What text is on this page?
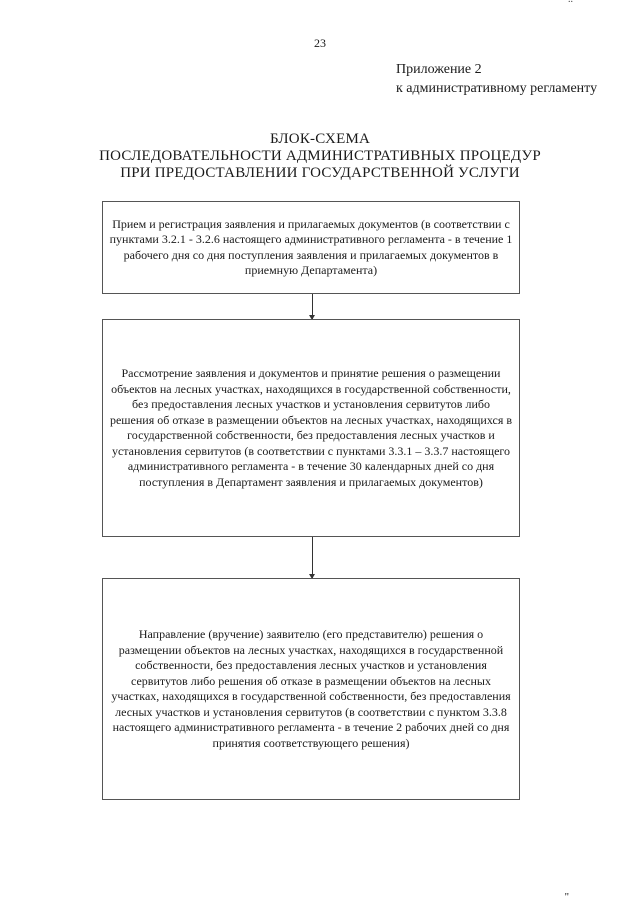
23
Приложение 2
к административному регламенту
БЛОК-СХЕМА
ПОСЛЕДОВАТЕЛЬНОСТИ АДМИНИСТРАТИВНЫХ ПРОЦЕДУР
ПРИ ПРЕДОСТАВЛЕНИИ ГОСУДАРСТВЕННОЙ УСЛУГИ
Прием и регистрация заявления и прилагаемых документов (в соответствии с пунктами 3.2.1 - 3.2.6 настоящего административного регламента - в течение 1 рабочего дня со дня поступления заявления и прилагаемых документов в приемную Департамента)
Рассмотрение заявления и документов и принятие решения о размещении объектов на лесных участках, находящихся в государственной собственности, без предоставления лесных участков и установления сервитутов либо решения об отказе в размещении объектов на лесных участках, находящихся в государственной собственности, без предоставления лесных участков и установления сервитутов (в соответствии с пунктами 3.3.1 – 3.3.7 настоящего административного регламента - в течение 30 календарных дней со дня поступления в Департамент заявления и прилагаемых документов)
Направление (вручение) заявителю (его представителю) решения о размещении объектов на лесных участках, находящихся в государственной собственности, без предоставления лесных участков и установления сервитутов либо решения об отказе в размещении объектов на лесных участках, находящихся в государственной собственности, без предоставления лесных участков и установления сервитутов (в соответствии с пунктом 3.3.8 настоящего административного регламента - в течение 2 рабочих дней со дня принятия соответствующего решения)
"
